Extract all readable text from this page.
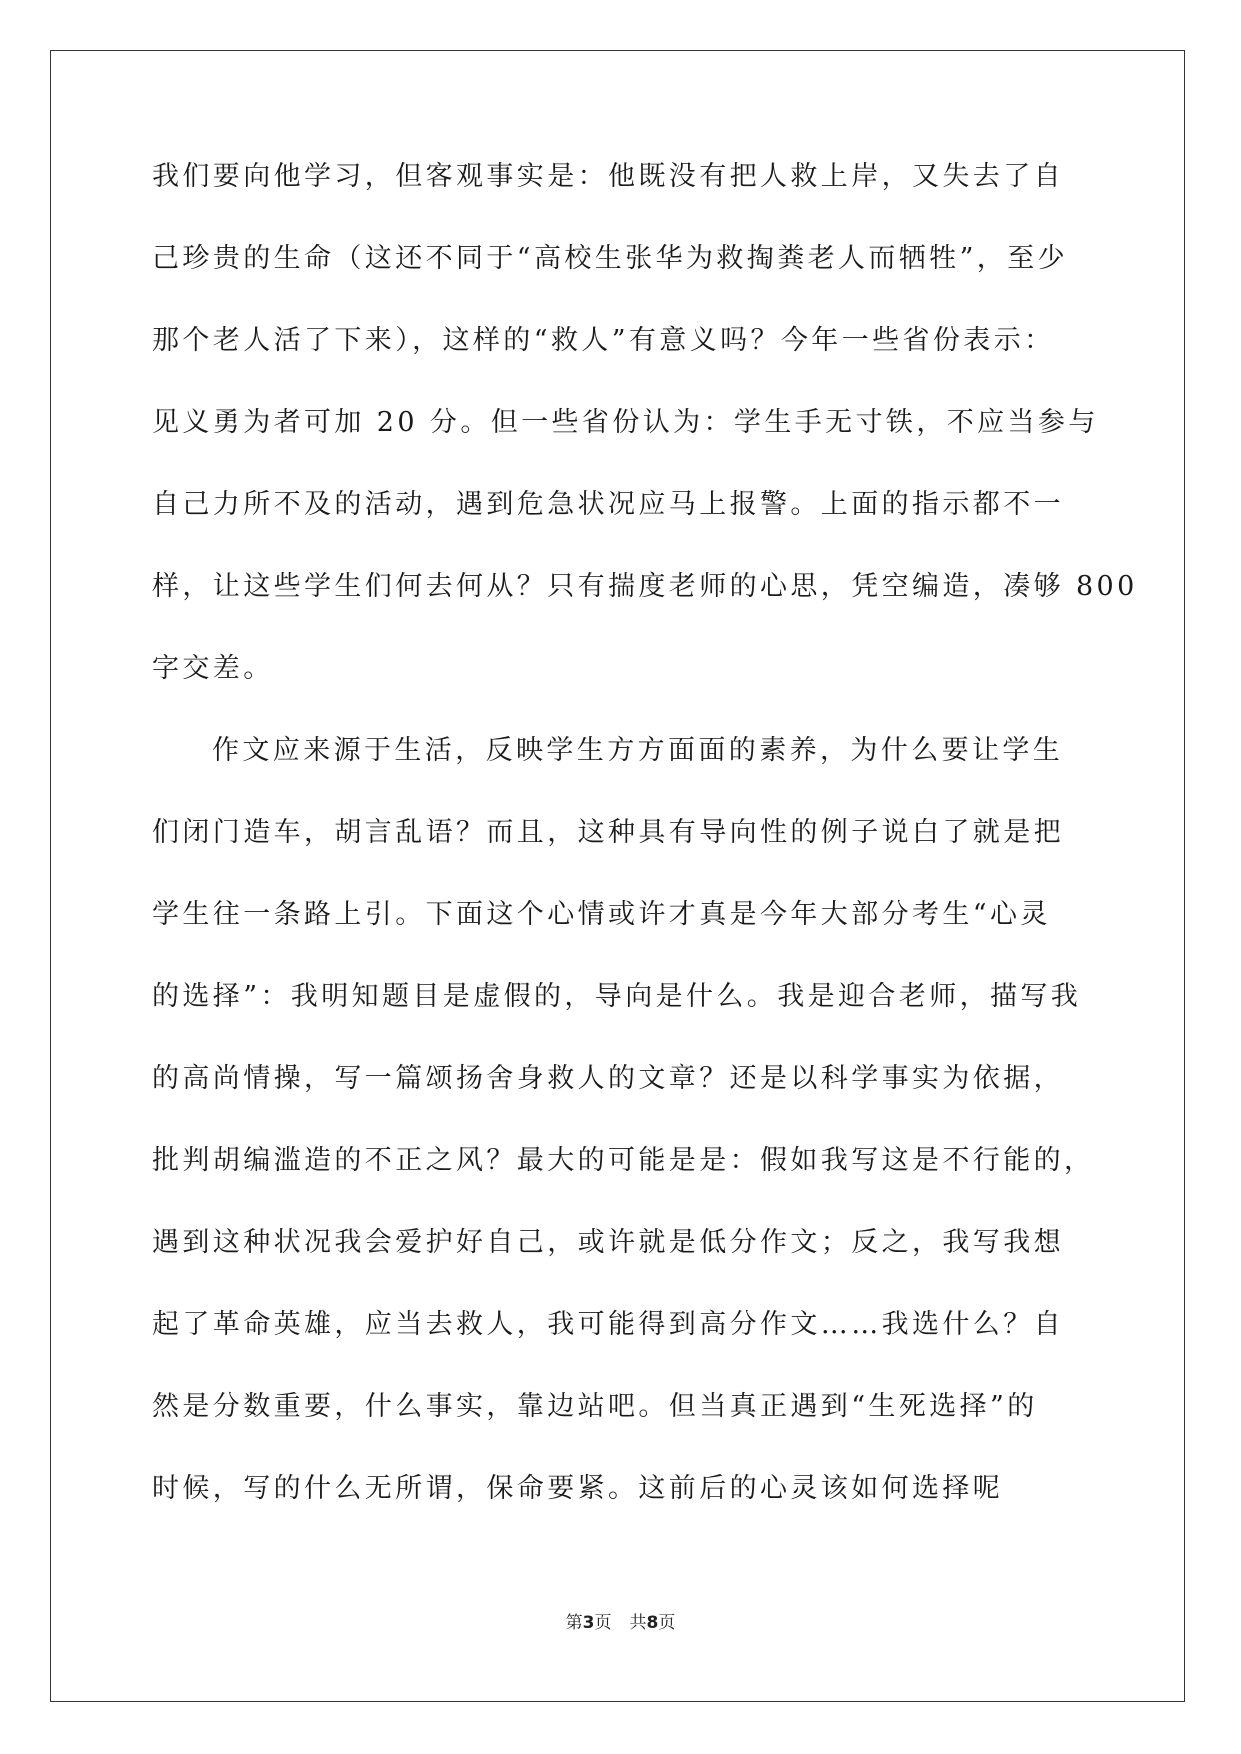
我们要向他学习，但客观事实是：他既没有把人救上岸，又失去了自
己珍贵的生命（这还不同于“高校生张华为救掏粪老人而牺牲”，至少
那个老人活了下来），这样的“救人”有意义吗？今年一些省份表示：
见义勇为者可加 20 分。但一些省份认为：学生手无寸铁，不应当参与
自己力所不及的活动，遇到危急状况应马上报警。上面的指示都不一
样，让这些学生们何去何从？只有揣度老师的心思，凭空编造，凑够 800
字交差。
作文应来源于生活，反映学生方方面面的素养，为什么要让学生
们闭门造车，胡言乱语？而且，这种具有导向性的例子说白了就是把
学生往一条路上引。下面这个心情或许才真是今年大部分考生“心灵
的选择”：我明知题目是虚假的，导向是什么。我是迎合老师，描写我
的高尚情操，写一篇颂扬舍身救人的文章？还是以科学事实为依据，
批判胡编滥造的不正之风？最大的可能是是：假如我写这是不行能的，
遇到这种状况我会爱护好自己，或许就是低分作文；反之，我写我想
起了革命英雄，应当去救人，我可能得到高分作文……我选什么？自
然是分数重要，什么事实，靠边站吧。但当真正遇到“生死选择”的
时候，写的什么无所谓，保命要紧。这前后的心灵该如何选择呢
第3页 共8页
